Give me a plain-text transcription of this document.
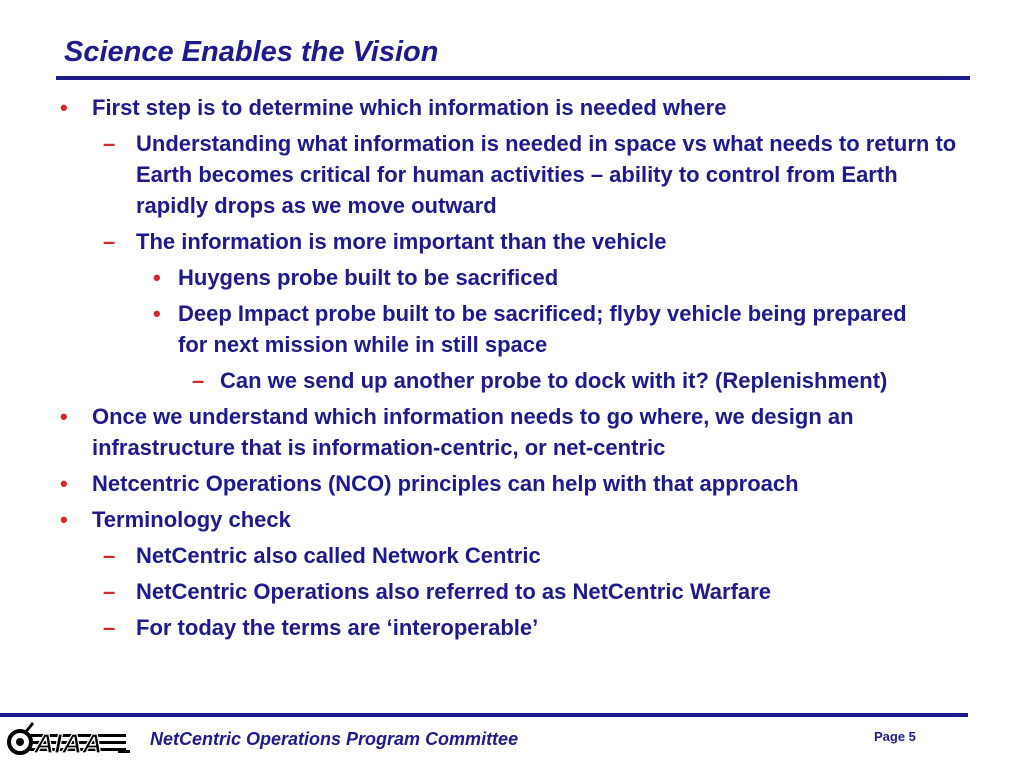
Science Enables the Vision
• First step is to determine which information is needed where
– Understanding what information is needed in space vs what needs to return to Earth becomes critical for human activities – ability to control from Earth rapidly drops as we move outward
– The information is more important than the vehicle
• Huygens probe built to be sacrificed
• Deep Impact probe built to be sacrificed; flyby vehicle being prepared for next mission while in still space
– Can we send up another probe to dock with it? (Replenishment)
• Once we understand which information needs to go where, we design an infrastructure that is information-centric, or net-centric
• Netcentric Operations (NCO) principles can help with that approach
• Terminology check
– NetCentric also called Network Centric
– NetCentric Operations also referred to as NetCentric Warfare
– For today the terms are ‘interoperable’
AIAA	NetCentric Operations Program Committee	Page 5
